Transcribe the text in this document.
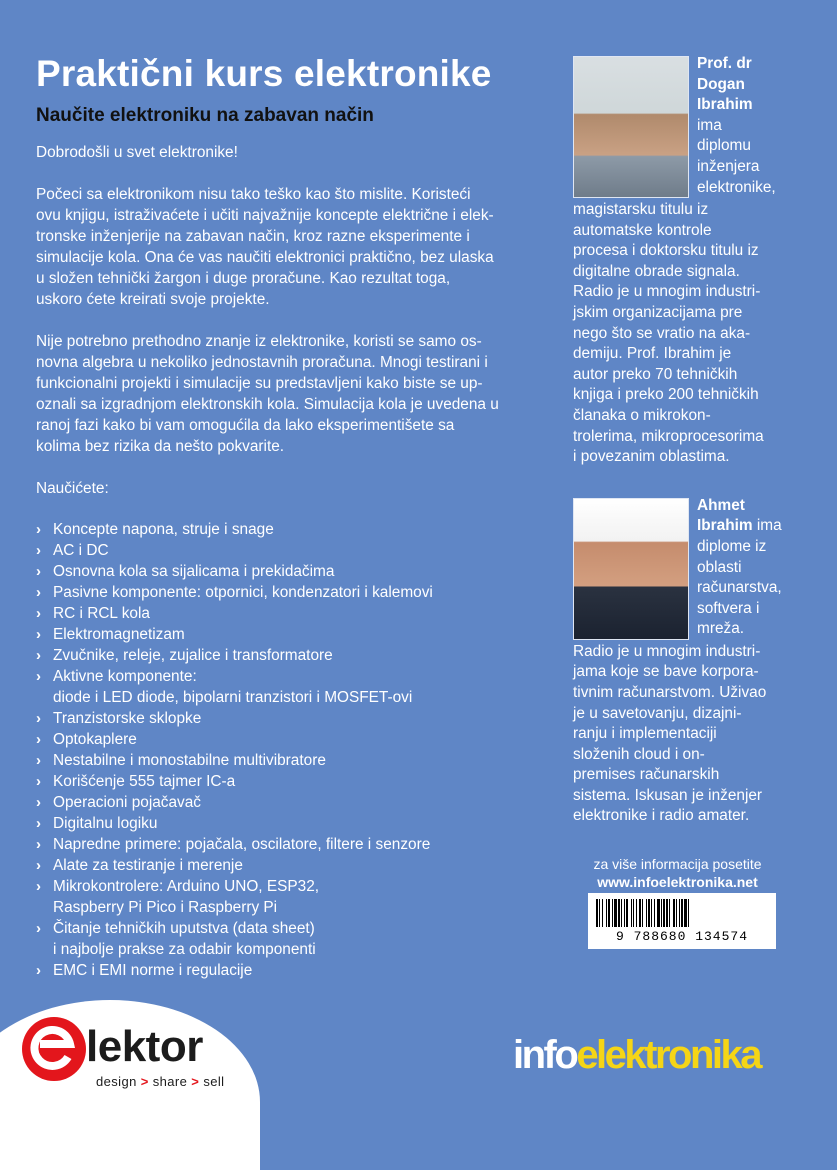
Praktični kurs elektronike
Naučite elektroniku na zabavan način

Dobrodošli u svet elektronike!

Počeci sa elektronikom nisu tako teško kao što mislite. Koristeći
ovu knjigu, istraživaćete i učiti najvažnije koncepte električne i elek-
tronske inženjerije na zabavan način, kroz razne eksperimente i
simulacije kola. Ona će vas naučiti elektronici praktično, bez ulaska
u složen tehnički žargon i duge proračune. Kao rezultat toga,
uskoro ćete kreirati svoje projekte.

Nije potrebno prethodno znanje iz elektronike, koristi se samo os-
novna algebra u nekoliko jednostavnih proračuna. Mnogi testirani i
funkcionalni projekti i simulacije su predstavljeni kako biste se up-
oznali sa izgradnjom elektronskih kola. Simulacija kola je uvedena u
ranoj fazi kako bi vam omogućila da lako eksperimentišete sa
kolima bez rizika da nešto pokvarite.

Naučićete:

› Koncepte napona, struje i snage
› AC i DC
› Osnovna kola sa sijalicama i prekidačima
› Pasivne komponente: otpornici, kondenzatori i kalemovi
› RC i RCL kola
› Elektromagnetizam
› Zvučnike, releje, zujalice i transformatore
› Aktivne komponente:
diode i LED diode, bipolarni tranzistori i MOSFET-ovi
› Tranzistorske sklopke
› Optokaplere
› Nestabilne i monostabilne multivibratore
› Korišćenje 555 tajmer IC-a
› Operacioni pojačavač
› Digitalnu logiku
› Napredne primere: pojačala, oscilatore, filtere i senzore
› Alate za testiranje i merenje
› Mikrokontrolere: Arduino UNO, ESP32,
Raspberry Pi Pico i Raspberry Pi
› Čitanje tehničkih uputstva (data sheet)
i najbolje prakse za odabir komponenti
› EMC i EMI norme i regulacije
Prof. dr
Dogan
Ibrahim
ima
diplomu
inženjera
elektronike,
magistarsku titulu iz
automatske kontrole
procesa i doktorsku titulu iz
digitalne obrade signala.
Radio je u mnogim industri-
jskim organizacijama pre
nego što se vratio na aka-
demiju. Prof. Ibrahim je
autor preko 70 tehničkih
knjiga i preko 200 tehničkih
članaka o mikrokon-
trolerima, mikroprocesorima
i povezanim oblastima.
Ahmet
Ibrahim ima
diplome iz
oblasti
računarstva,
softvera i
mreža.
Radio je u mnogim industri-
jama koje se bave korpora-
tivnim računarstvom. Uživao
je u savetovanju, dizajni-
ranju i implementaciji
složenih cloud i on-
premises računarskih
sistema. Iskusan je inženjer
elektronike i radio amater.
za više informacija posetite
www.infoelektronika.net
9 788680 134574
lektor
design > share > sell
infoelektronika
